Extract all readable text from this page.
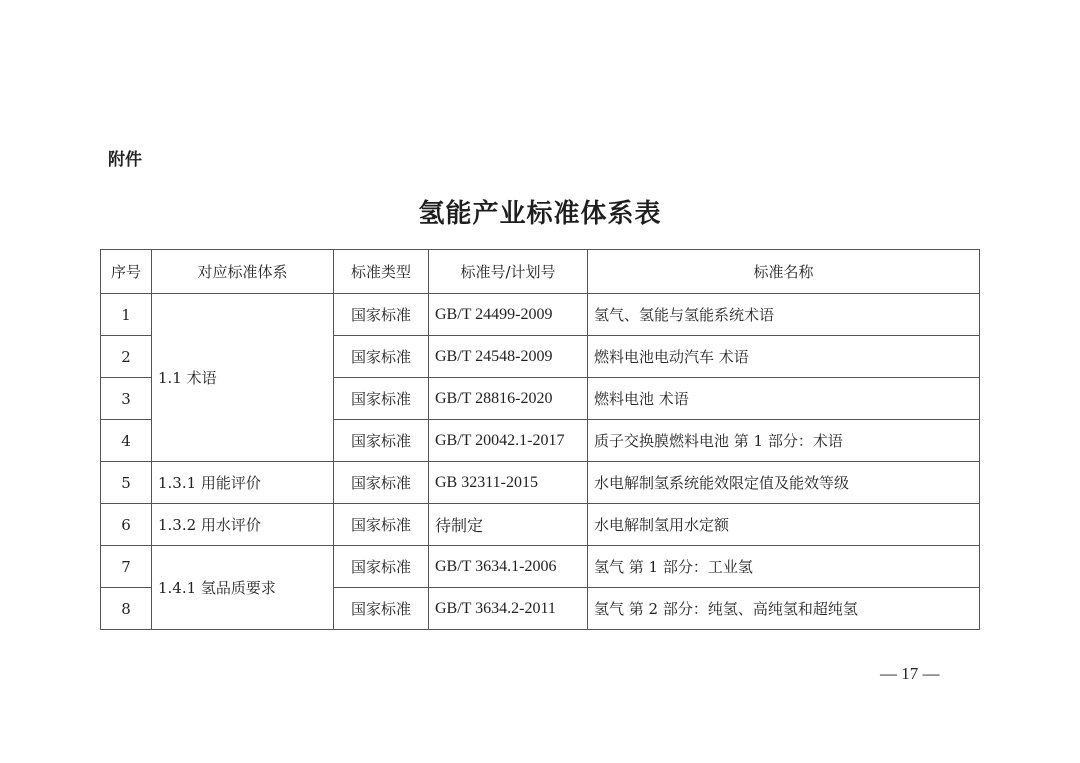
附件
氢能产业标准体系表
序号	对应标准体系	标准类型	标准号/计划号	标准名称
1	1.1 术语	国家标准	GB/T 24499-2009	氢气、氢能与氢能系统术语
2		国家标准	GB/T 24548-2009	燃料电池电动汽车 术语
3		国家标准	GB/T 28816-2020	燃料电池 术语
4		国家标准	GB/T 20042.1-2017	质子交换膜燃料电池 第 1 部分：术语
5	1.3.1 用能评价	国家标准	GB 32311-2015	水电解制氢系统能效限定值及能效等级
6	1.3.2 用水评价	国家标准	待制定	水电解制氢用水定额
7	1.4.1 氢品质要求	国家标准	GB/T 3634.1-2006	氢气 第 1 部分：工业氢
8		国家标准	GB/T 3634.2-2011	氢气 第 2 部分：纯氢、高纯氢和超纯氢
— 17 —
